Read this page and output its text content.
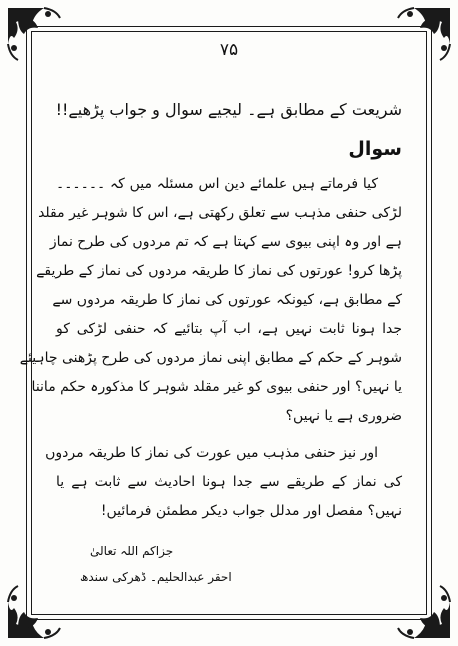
۷۵
شریعت کے مطابق ہے۔ لیجیے سوال و جواب پڑھیے!!
سوال
کیا فرماتے ہیں علمائے دین اس مسئلہ میں کہ ۔۔۔۔۔۔
لڑکی حنفی مذہب سے تعلق رکھتی ہے، اس کا شوہر غیر مقلد
ہے اور وہ اپنی بیوی سے کہتا ہے کہ تم مردوں کی طرح نماز
پڑھا کرو! عورتوں کی نماز کا طریقہ مردوں کی نماز کے طریقے
کے مطابق ہے، کیونکہ عورتوں کی نماز کا طریقہ مردوں سے
جدا ہونا ثابت نہیں ہے، اب آپ بتائیے کہ حنفی لڑکی کو
شوہر کے حکم کے مطابق اپنی نماز مردوں کی طرح پڑھنی چاہیئے
یا نہیں؟ اور حنفی بیوی کو غیر مقلد شوہر کا مذکورہ حکم ماننا
ضروری ہے یا نہیں؟
اور نیز حنفی مذہب میں عورت کی نماز کا طریقہ مردوں
کی نماز کے طریقے سے جدا ہونا احادیث سے ثابت ہے یا
نہیں؟ مفصل اور مدلل جواب دیکر مطمئن فرمائیں!
جزاکم اللہ تعالیٰ
احقر عبدالحلیم۔ ڈھرکی سندھ
